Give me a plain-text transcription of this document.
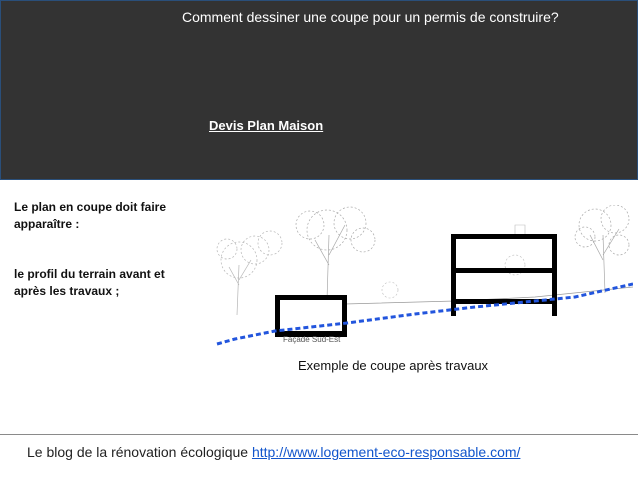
Comment dessiner une coupe pour un permis de construire?
Devis Plan Maison
Le plan en coupe doit faire apparaître :
le profil du terrain avant et après les travaux ;
Façade Sud-Est
Exemple de coupe après travaux
Le blog de la rénovation écologique http://www.logement-eco-responsable.com/
